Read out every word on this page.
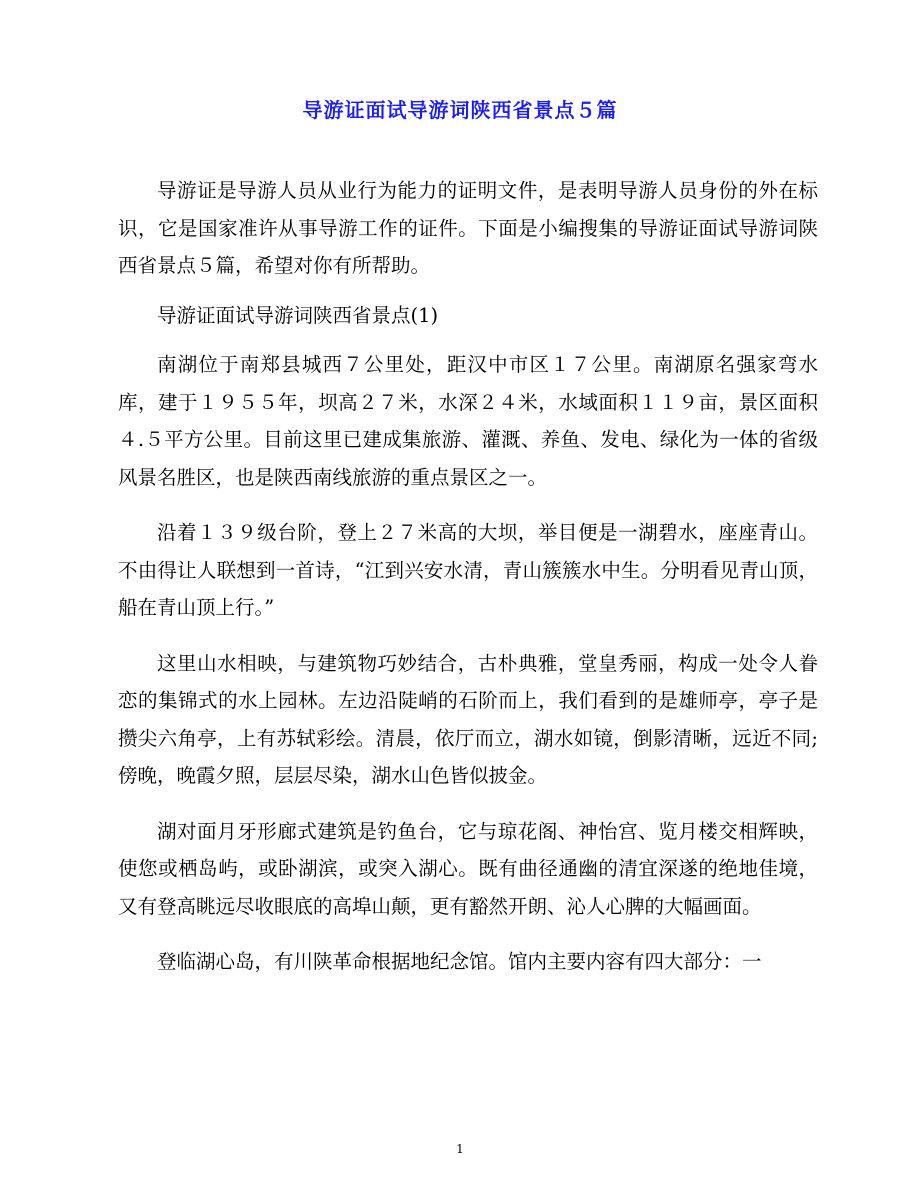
导游证面试导游词陕西省景点５篇

导游证是导游人员从业行为能力的证明文件，是表明导游人员身份的外在标识，它是国家准许从事导游工作的证件。下面是小编搜集的导游证面试导游词陕西省景点５篇，希望对你有所帮助。

导游证面试导游词陕西省景点(1)

南湖位于南郑县城西７公里处，距汉中市区１７公里。南湖原名强家弯水库，建于１９５５年，坝高２７米，水深２４米，水域面积１１９亩，景区面积４.５平方公里。目前这里已建成集旅游、灌溉、养鱼、发电、绿化为一体的省级风景名胜区，也是陕西南线旅游的重点景区之一。

沿着１３９级台阶，登上２７米高的大坝，举目便是一湖碧水，座座青山。不由得让人联想到一首诗，“江到兴安水清，青山簇簇水中生。分明看见青山顶，船在青山顶上行。”

这里山水相映，与建筑物巧妙结合，古朴典雅，堂皇秀丽，构成一处令人眷恋的集锦式的水上园林。左边沿陡峭的石阶而上，我们看到的是雄师亭，亭子是攒尖六角亭，上有苏轼彩绘。清晨，依厅而立，湖水如镜，倒影清晰，远近不同;傍晚，晚霞夕照，层层尽染，湖水山色皆似披金。

湖对面月牙形廊式建筑是钓鱼台，它与琼花阁、神怡宫、览月楼交相辉映，使您或栖岛屿，或卧湖滨，或突入湖心。既有曲径通幽的清宜深遂的绝地佳境，又有登高眺远尽收眼底的高埠山颠，更有豁然开朗、沁人心脾的大幅画面。

登临湖心岛，有川陕革命根据地纪念馆。馆内主要内容有四大部分：一

1
